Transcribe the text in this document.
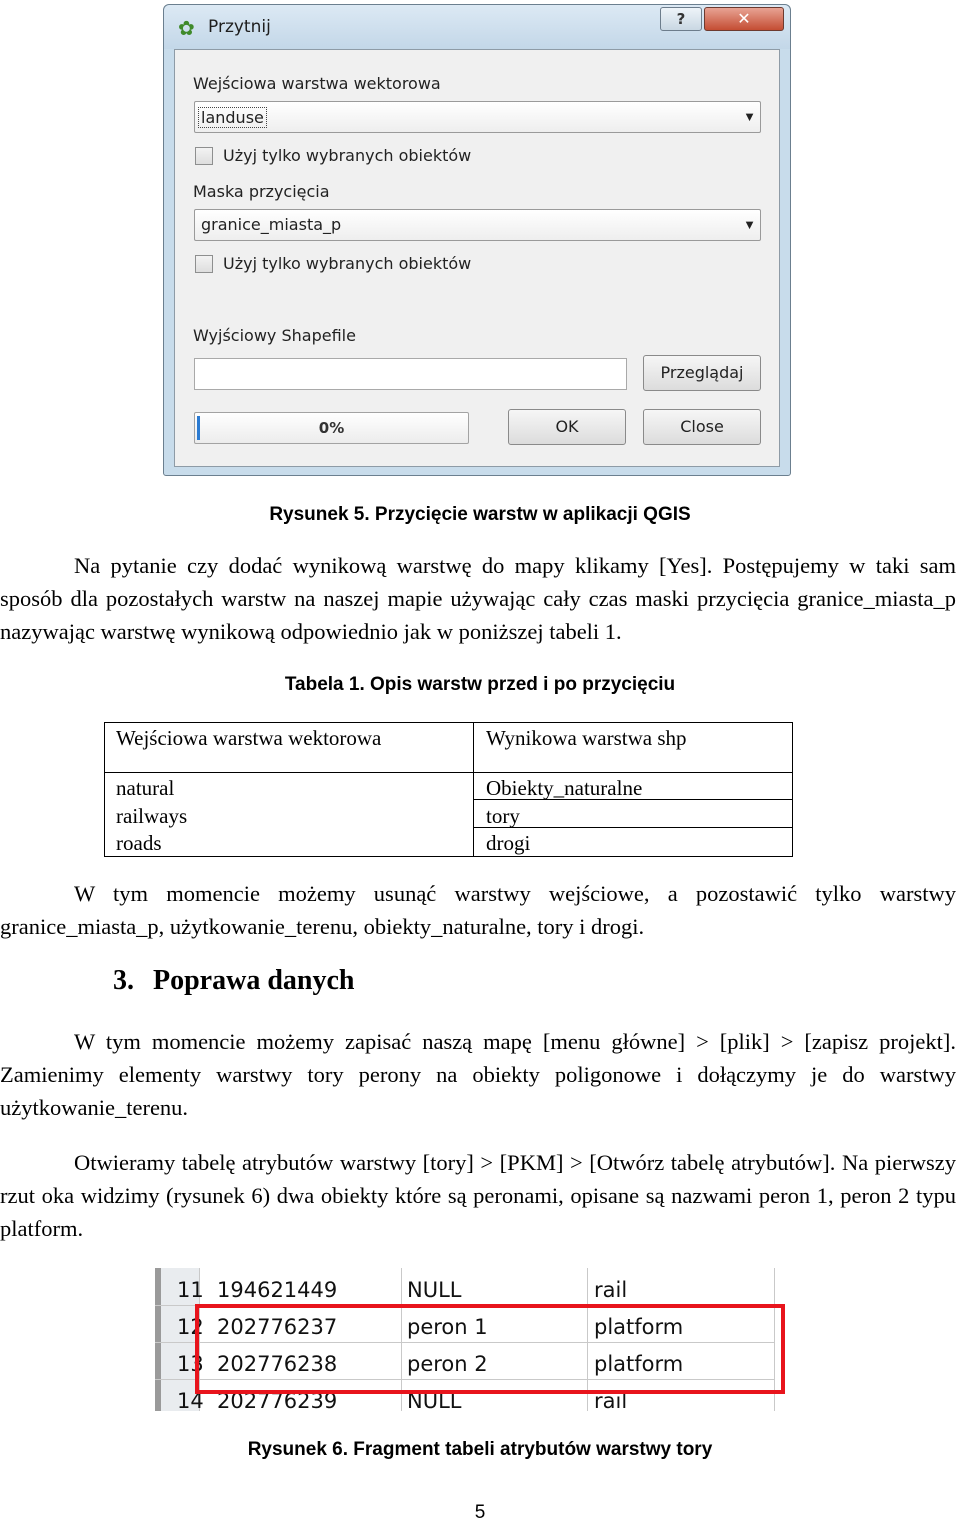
✿ Przytnij	?	✕
Wejściowa warstwa wektorowa
landuse	▼
Użyj tylko wybranych obiektów
Maska przycięcia
granice_miasta_p	▼
Użyj tylko wybranych obiektów
Wyjściowy Shapefile
Przeglądaj
0%	OK	Close
Rysunek 5. Przycięcie warstw w aplikacji QGIS

Na pytanie czy dodać wynikową warstwę do mapy klikamy [Yes]. Postępujemy w taki sam sposób dla pozostałych warstw na naszej mapie używając cały czas maski przycięcia granice_miasta_p nazywając warstwę wynikową odpowiednio jak w poniższej tabeli 1.

Tabela 1. Opis warstw przed i po przycięciu
Wejściowa warstwa wektorowa	Wynikowa warstwa shp
natural	Obiekty_naturalne
railways	tory
roads	drogi

W tym momencie możemy usunąć warstwy wejściowe, a pozostawić tylko warstwy granice_miasta_p, użytkowanie_terenu, obiekty_naturalne, tory i drogi.

3. Poprawa danych

W tym momencie możemy zapisać naszą mapę [menu główne] > [plik] > [zapisz projekt]. Zamienimy elementy warstwy tory perony na obiekty poligonowe i dołączymy je do warstwy użytkowanie_terenu.

Otwieramy tabelę atrybutów warstwy [tory] > [PKM] > [Otwórz tabelę atrybutów]. Na pierwszy rzut oka widzimy (rysunek 6) dwa obiekty które są peronami, opisane są nazwami peron 1, peron 2 typu platform.

11 194621449	NULL	rail
12 202776237	peron 1	platform
13 202776238	peron 2	platform
14 202776239	NULL	rail
Rysunek 6. Fragment tabeli atrybutów warstwy tory
5
